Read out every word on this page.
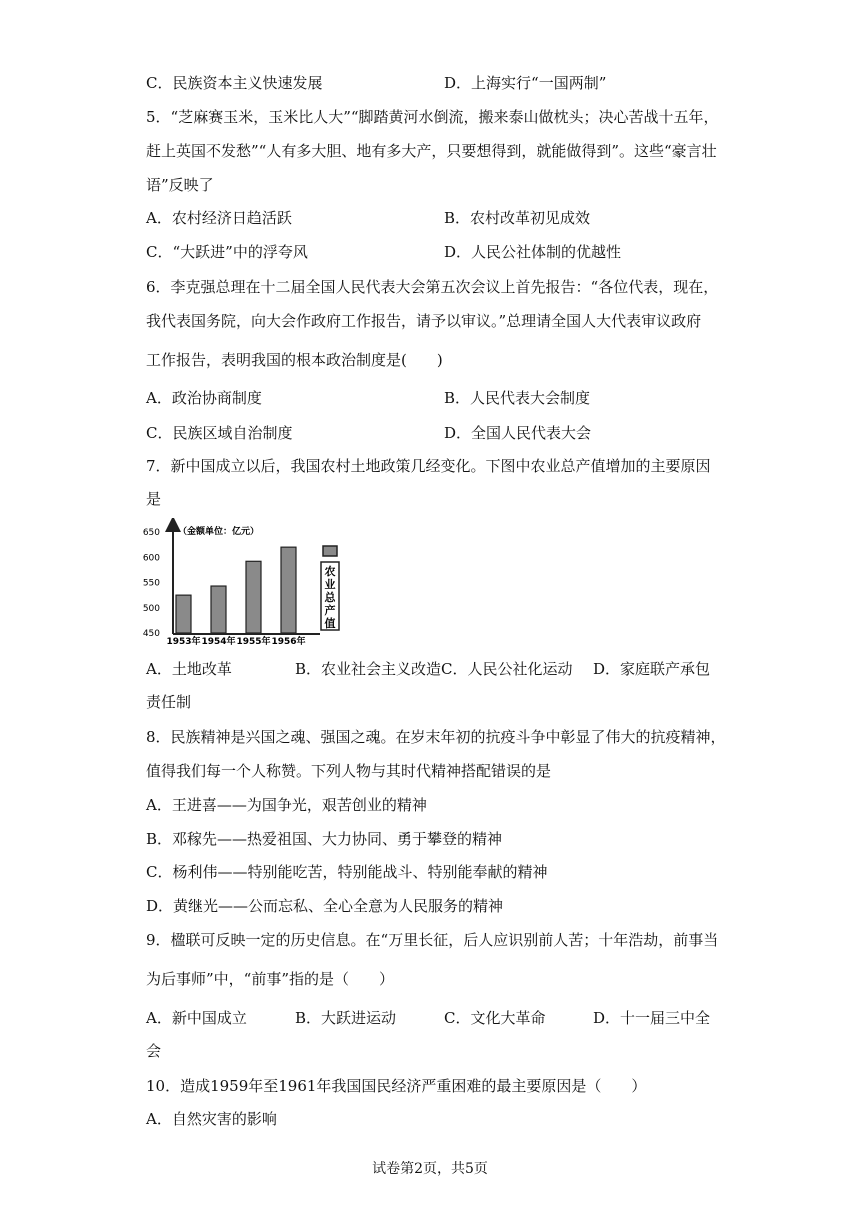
C．民族资本主义快速发展	D．上海实行“一国两制”
5．“芝麻赛玉米，玉米比人大”“脚踏黄河水倒流，搬来泰山做枕头；决心苦战十五年，
赶上英国不发愁”“人有多大胆、地有多大产，只要想得到，就能做得到”。这些“豪言壮
语”反映了
A．农村经济日趋活跃	B．农村改革初见成效
C．“大跃进”中的浮夸风	D．人民公社体制的优越性
6．李克强总理在十二届全国人民代表大会第五次会议上首先报告：“各位代表，现在，
我代表国务院，向大会作政府工作报告，请予以审议。”总理请全国人大代表审议政府
工作报告，表明我国的根本政治制度是(　　)
A．政治协商制度	B．人民代表大会制度
C．民族区域自治制度	D．全国人民代表大会
7．新中国成立以后，我国农村土地政策几经变化。下图中农业总产值增加的主要原因
是
（金额单位：亿元）
450
500
550
600
650
1953年 1954年 1955年 1956年
农
业
总
产
值
A．土地改革	B．农业社会主义改造 C．人民公社化运动 D．家庭联产承包
责任制
8．民族精神是兴国之魂、强国之魂。在岁末年初的抗疫斗争中彰显了伟大的抗疫精神，
值得我们每一个人称赞。下列人物与其时代精神搭配错误的是
A．王进喜——为国争光，艰苦创业的精神
B．邓稼先——热爱祖国、大力协同、勇于攀登的精神
C．杨利伟——特别能吃苦，特别能战斗、特别能奉献的精神
D．黄继光——公而忘私、全心全意为人民服务的精神
9．楹联可反映一定的历史信息。在“万里长征，后人应识别前人苦；十年浩劫，前事当
为后事师”中，“前事”指的是（　　）
A．新中国成立	B．大跃进运动	C．文化大革命	D．十一届三中全
会
10．造成1959年至1961年我国国民经济严重困难的最主要原因是（　　）
A．自然灾害的影响
试卷第2页，共5页
